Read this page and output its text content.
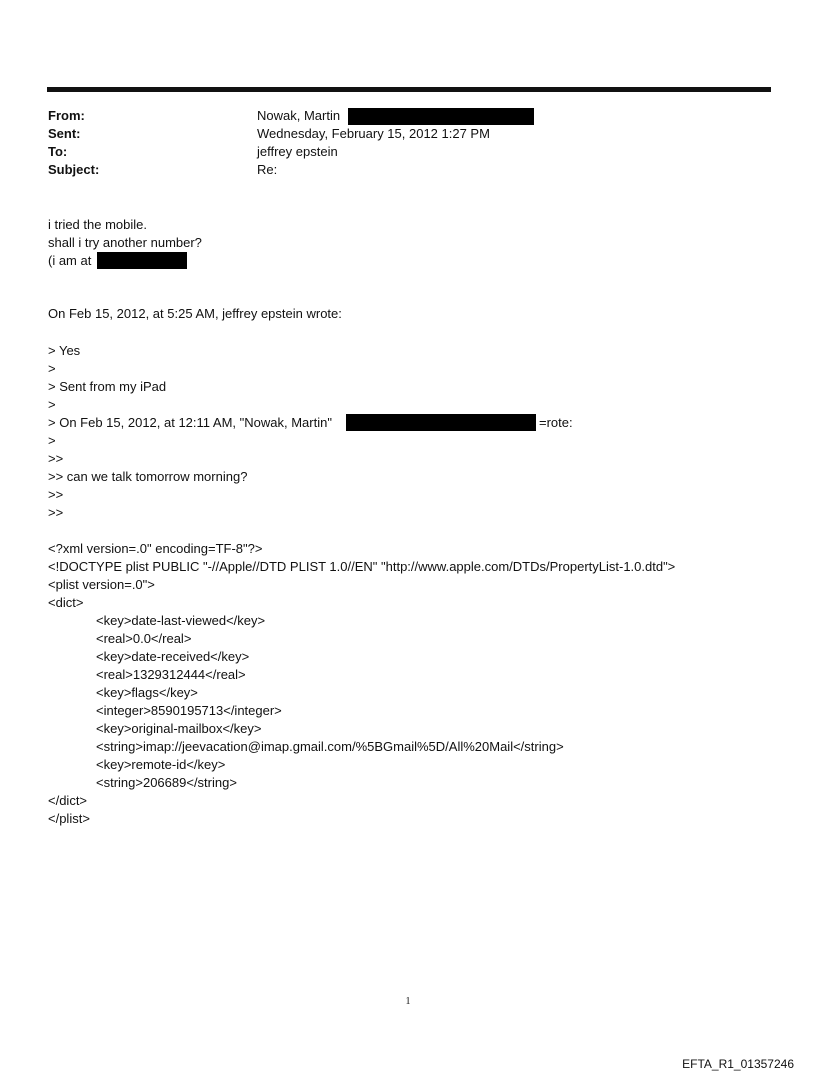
From:	Nowak, Martin
Sent:	Wednesday, February 15, 2012 1:27 PM
To:	jeffrey epstein
Subject:	Re:
i tried the mobile.
shall i try another number?
(i am at
On Feb 15, 2012, at 5:25 AM, jeffrey epstein wrote:
> Yes
>
> Sent from my iPad
>
> On Feb 15, 2012, at 12:11 AM, "Nowak, Martin"	=rote:
>
>>
>> can we talk tomorrow morning?
>>
>>
<?xml version=.0" encoding=TF-8"?>
<!DOCTYPE plist PUBLIC "-//Apple//DTD PLIST 1.0//EN" "http://www.apple.com/DTDs/PropertyList-1.0.dtd">
<plist version=.0">
<dict>
<key>date-last-viewed</key>
<real>0.0</real>
<key>date-received</key>
<real>1329312444</real>
<key>flags</key>
<integer>8590195713</integer>
<key>original-mailbox</key>
<string>imap://jeevacation@imap.gmail.com/%5BGmail%5D/All%20Mail</string>
<key>remote-id</key>
<string>206689</string>
</dict>
</plist>
1
EFTA_R1_01357246
